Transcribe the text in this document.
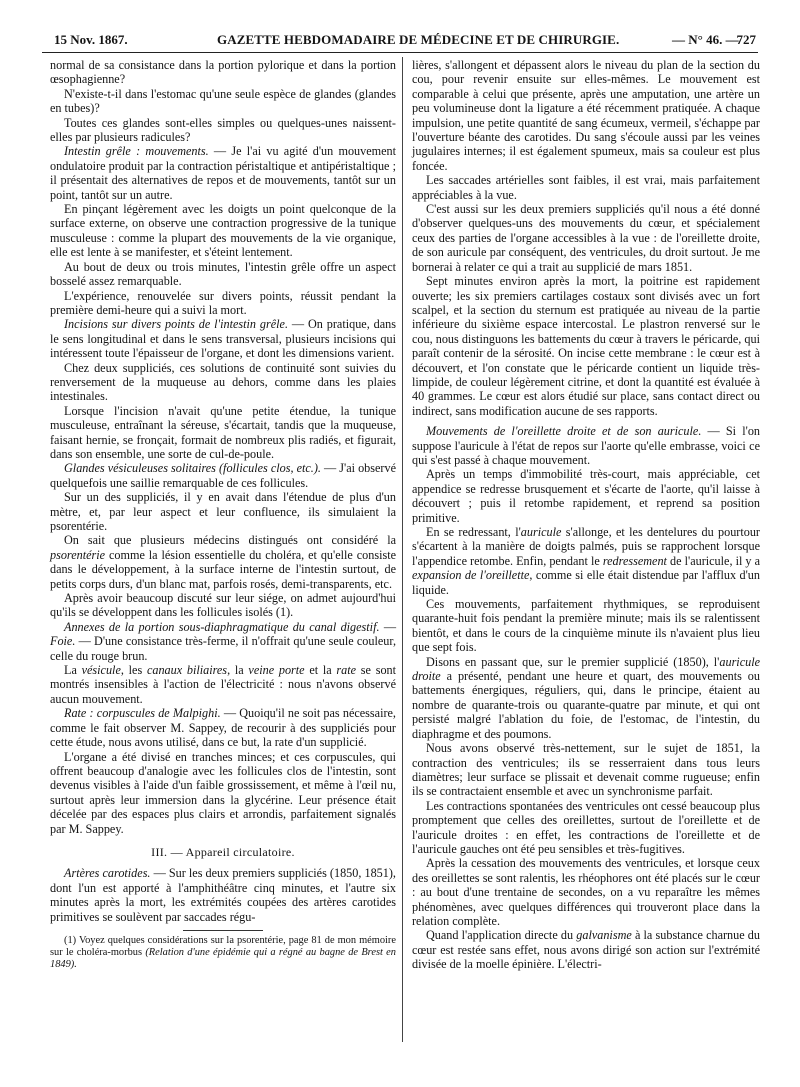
15 Nov. 1867.	GAZETTE HEBDOMADAIRE DE MÉDECINE ET DE CHIRURGIE.	— N° 46. —
727

normal de sa consistance dans la portion pylorique et dans la portion œsophagienne?

N'existe-t-il dans l'estomac qu'une seule espèce de glandes (glandes en tubes)?

Toutes ces glandes sont-elles simples ou quelques-unes naissent-elles par plusieurs radicules?

Intestin grêle : mouvements. — Je l'ai vu agité d'un mouvement ondulatoire produit par la contraction péristaltique et antipéristaltique ; il présentait des alternatives de repos et de mouvements, tantôt sur un point, tantôt sur un autre.

En pinçant légèrement avec les doigts un point quelconque de la surface externe, on observe une contraction progressive de la tunique musculeuse : comme la plupart des mouvements de la vie organique, elle est lente à se manifester, et s'éteint lentement.

Au bout de deux ou trois minutes, l'intestin grêle offre un aspect bosselé assez remarquable.

L'expérience, renouvelée sur divers points, réussit pendant la première demi-heure qui a suivi la mort.

Incisions sur divers points de l'intestin grêle. — On pratique, dans le sens longitudinal et dans le sens transversal, plusieurs incisions qui intéressent toute l'épaisseur de l'organe, et dont les dimensions varient.

Chez deux suppliciés, ces solutions de continuité sont suivies du renversement de la muqueuse au dehors, comme dans les plaies intestinales.

Lorsque l'incision n'avait qu'une petite étendue, la tunique musculeuse, entraînant la séreuse, s'écartait, tandis que la muqueuse, faisant hernie, se fronçait, formait de nombreux plis radiés, et figurait, dans son ensemble, une sorte de cul-de-poule.

Glandes vésiculeuses solitaires (follicules clos, etc.). — J'ai observé quelquefois une saillie remarquable de ces follicules.

Sur un des suppliciés, il y en avait dans l'étendue de plus d'un mètre, et, par leur aspect et leur confluence, ils simulaient la psorentérie.

On sait que plusieurs médecins distingués ont considéré la psorentérie comme la lésion essentielle du choléra, et qu'elle consiste dans le développement, à la surface interne de l'intestin surtout, de petits corps durs, d'un blanc mat, parfois rosés, demi-transparents, etc.

Après avoir beaucoup discuté sur leur siége, on admet aujourd'hui qu'ils se développent dans les follicules isolés (1).

Annexes de la portion sous-diaphragmatique du canal digestif. — Foie. — D'une consistance très-ferme, il n'offrait qu'une seule couleur, celle du rouge brun.

La vésicule, les canaux biliaires, la veine porte et la rate se sont montrés insensibles à l'action de l'électricité : nous n'avons observé aucun mouvement.

Rate : corpuscules de Malpighi. — Quoiqu'il ne soit pas nécessaire, comme le fait observer M. Sappey, de recourir à des suppliciés pour cette étude, nous avons utilisé, dans ce but, la rate d'un supplicié.

L'organe a été divisé en tranches minces; et ces corpuscules, qui offrent beaucoup d'analogie avec les follicules clos de l'intestin, sont devenus visibles à l'aide d'un faible grossissement, et même à l'œil nu, surtout après leur immersion dans la glycérine. Leur présence était décelée par des espaces plus clairs et arrondis, parfaitement signalés par M. Sappey.

III. — Appareil circulatoire.

Artères carotides. — Sur les deux premiers suppliciés (1850, 1851), dont l'un est apporté à l'amphithéâtre cinq minutes, et l'autre six minutes après la mort, les extrémités coupées des artères carotides primitives se soulèvent par saccades régu-

(1) Voyez quelques considérations sur la psorentérie, page 81 de mon mémoire sur le choléra-morbus (Relation d'une épidémie qui a régné au bagne de Brest en 1849).

lières, s'allongent et dépassent alors le niveau du plan de la section du cou, pour revenir ensuite sur elles-mêmes. Le mouvement est comparable à celui que présente, après une amputation, une artère un peu volumineuse dont la ligature a été récemment pratiquée. A chaque impulsion, une petite quantité de sang écumeux, vermeil, s'échappe par l'ouverture béante des carotides. Du sang s'écoule aussi par les veines jugulaires internes; il est également spumeux, mais sa couleur est plus foncée.

Les saccades artérielles sont faibles, il est vrai, mais parfaitement appréciables à la vue.

C'est aussi sur les deux premiers suppliciés qu'il nous a été donné d'observer quelques-uns des mouvements du cœur, et spécialement ceux des parties de l'organe accessibles à la vue : de l'oreillette droite, de son auricule par conséquent, des ventricules, du droit surtout. Je me bornerai à relater ce qui a trait au supplicié de mars 1851.

Sept minutes environ après la mort, la poitrine est rapidement ouverte; les six premiers cartilages costaux sont divisés avec un fort scalpel, et la section du sternum est pratiquée au niveau de la partie inférieure du sixième espace intercostal. Le plastron renversé sur le cou, nous distinguons les battements du cœur à travers le péricarde, qui paraît contenir de la sérosité. On incise cette membrane : le cœur est à découvert, et l'on constate que le péricarde contient un liquide très-limpide, de couleur légèrement citrine, et dont la quantité est évaluée à 40 grammes. Le cœur est alors étudié sur place, sans contact direct ou indirect, sans modification aucune de ses rapports.

Mouvements de l'oreillette droite et de son auricule. — Si l'on suppose l'auricule à l'état de repos sur l'aorte qu'elle embrasse, voici ce qui s'est passé à chaque mouvement.

Après un temps d'immobilité très-court, mais appréciable, cet appendice se redresse brusquement et s'écarte de l'aorte, qu'il laisse à découvert ; puis il retombe rapidement, et reprend sa position primitive.

En se redressant, l'auricule s'allonge, et les dentelures du pourtour s'écartent à la manière de doigts palmés, puis se rapprochent lorsque l'appendice retombe. Enfin, pendant le redressement de l'auricule, il y a expansion de l'oreillette, comme si elle était distendue par l'afflux d'un liquide.

Ces mouvements, parfaitement rhythmiques, se reproduisent quarante-huit fois pendant la première minute; mais ils se ralentissent bientôt, et dans le cours de la cinquième minute ils n'avaient plus lieu que sept fois.

Disons en passant que, sur le premier supplicié (1850), l'auricule droite a présenté, pendant une heure et quart, des mouvements ou battements énergiques, réguliers, qui, dans le principe, étaient au nombre de quarante-trois ou quarante-quatre par minute, et qui ont persisté malgré l'ablation du foie, de l'estomac, de l'intestin, du diaphragme et des poumons.

Nous avons observé très-nettement, sur le sujet de 1851, la contraction des ventricules; ils se resserraient dans tous leurs diamètres; leur surface se plissait et devenait comme rugueuse; enfin ils se contractaient ensemble et avec un synchronisme parfait.

Les contractions spontanées des ventricules ont cessé beaucoup plus promptement que celles des oreillettes, surtout de l'oreillette et de l'auricule droites : en effet, les contractions de l'oreillette et de l'auricule gauches ont été peu sensibles et très-fugitives.

Après la cessation des mouvements des ventricules, et lorsque ceux des oreillettes se sont ralentis, les rhéophores ont été placés sur le cœur : au bout d'une trentaine de secondes, on a vu reparaître les mêmes phénomènes, avec quelques différences qui trouveront place dans la relation complète.

Quand l'application directe du galvanisme à la substance charnue du cœur est restée sans effet, nous avons dirigé son action sur l'extrémité divisée de la moelle épinière. L'électri-
